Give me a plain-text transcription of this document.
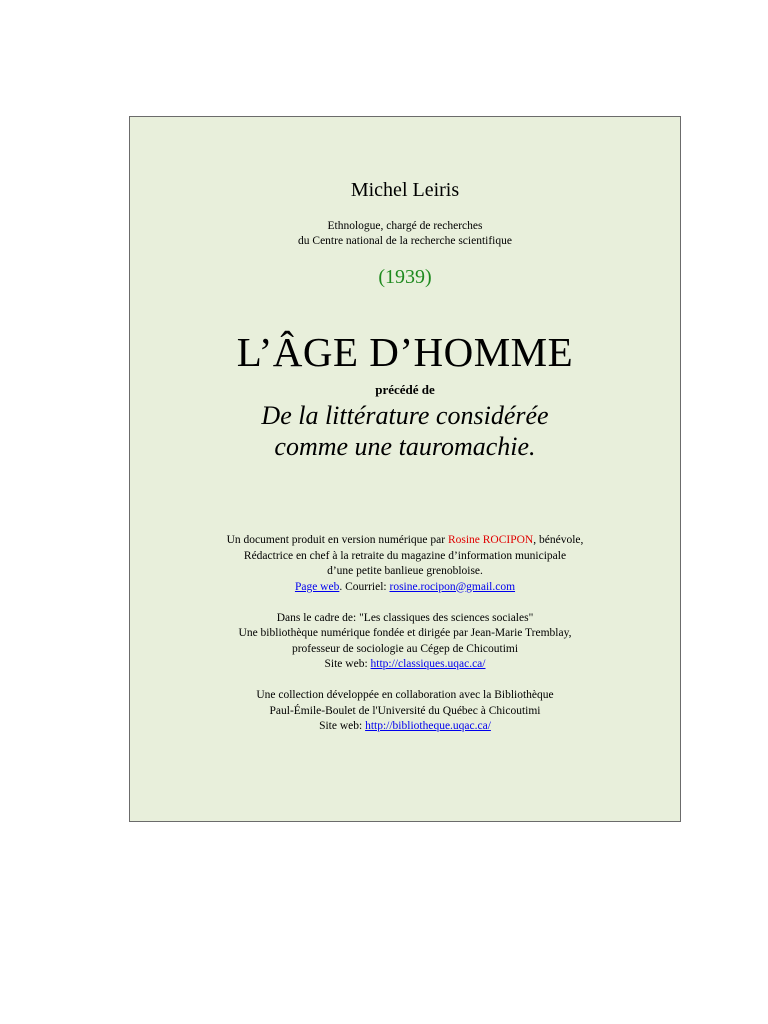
Michel Leiris
Ethnologue, chargé de recherches
du Centre national de la recherche scientifique
(1939)
L’ÂGE D’HOMME
précédé de
De la littérature considérée
comme une tauromachie.
Un document produit en version numérique par Rosine ROCIPON, bénévole,
Rédactrice en chef à la retraite du magazine d’information municipale
d’une petite banlieue grenobloise.
Page web. Courriel: rosine.rocipon@gmail.com
Dans le cadre de: "Les classiques des sciences sociales"
Une bibliothèque numérique fondée et dirigée par Jean-Marie Tremblay,
professeur de sociologie au Cégep de Chicoutimi
Site web: http://classiques.uqac.ca/
Une collection développée en collaboration avec la Bibliothèque
Paul-Émile-Boulet de l'Université du Québec à Chicoutimi
Site web: http://bibliotheque.uqac.ca/
